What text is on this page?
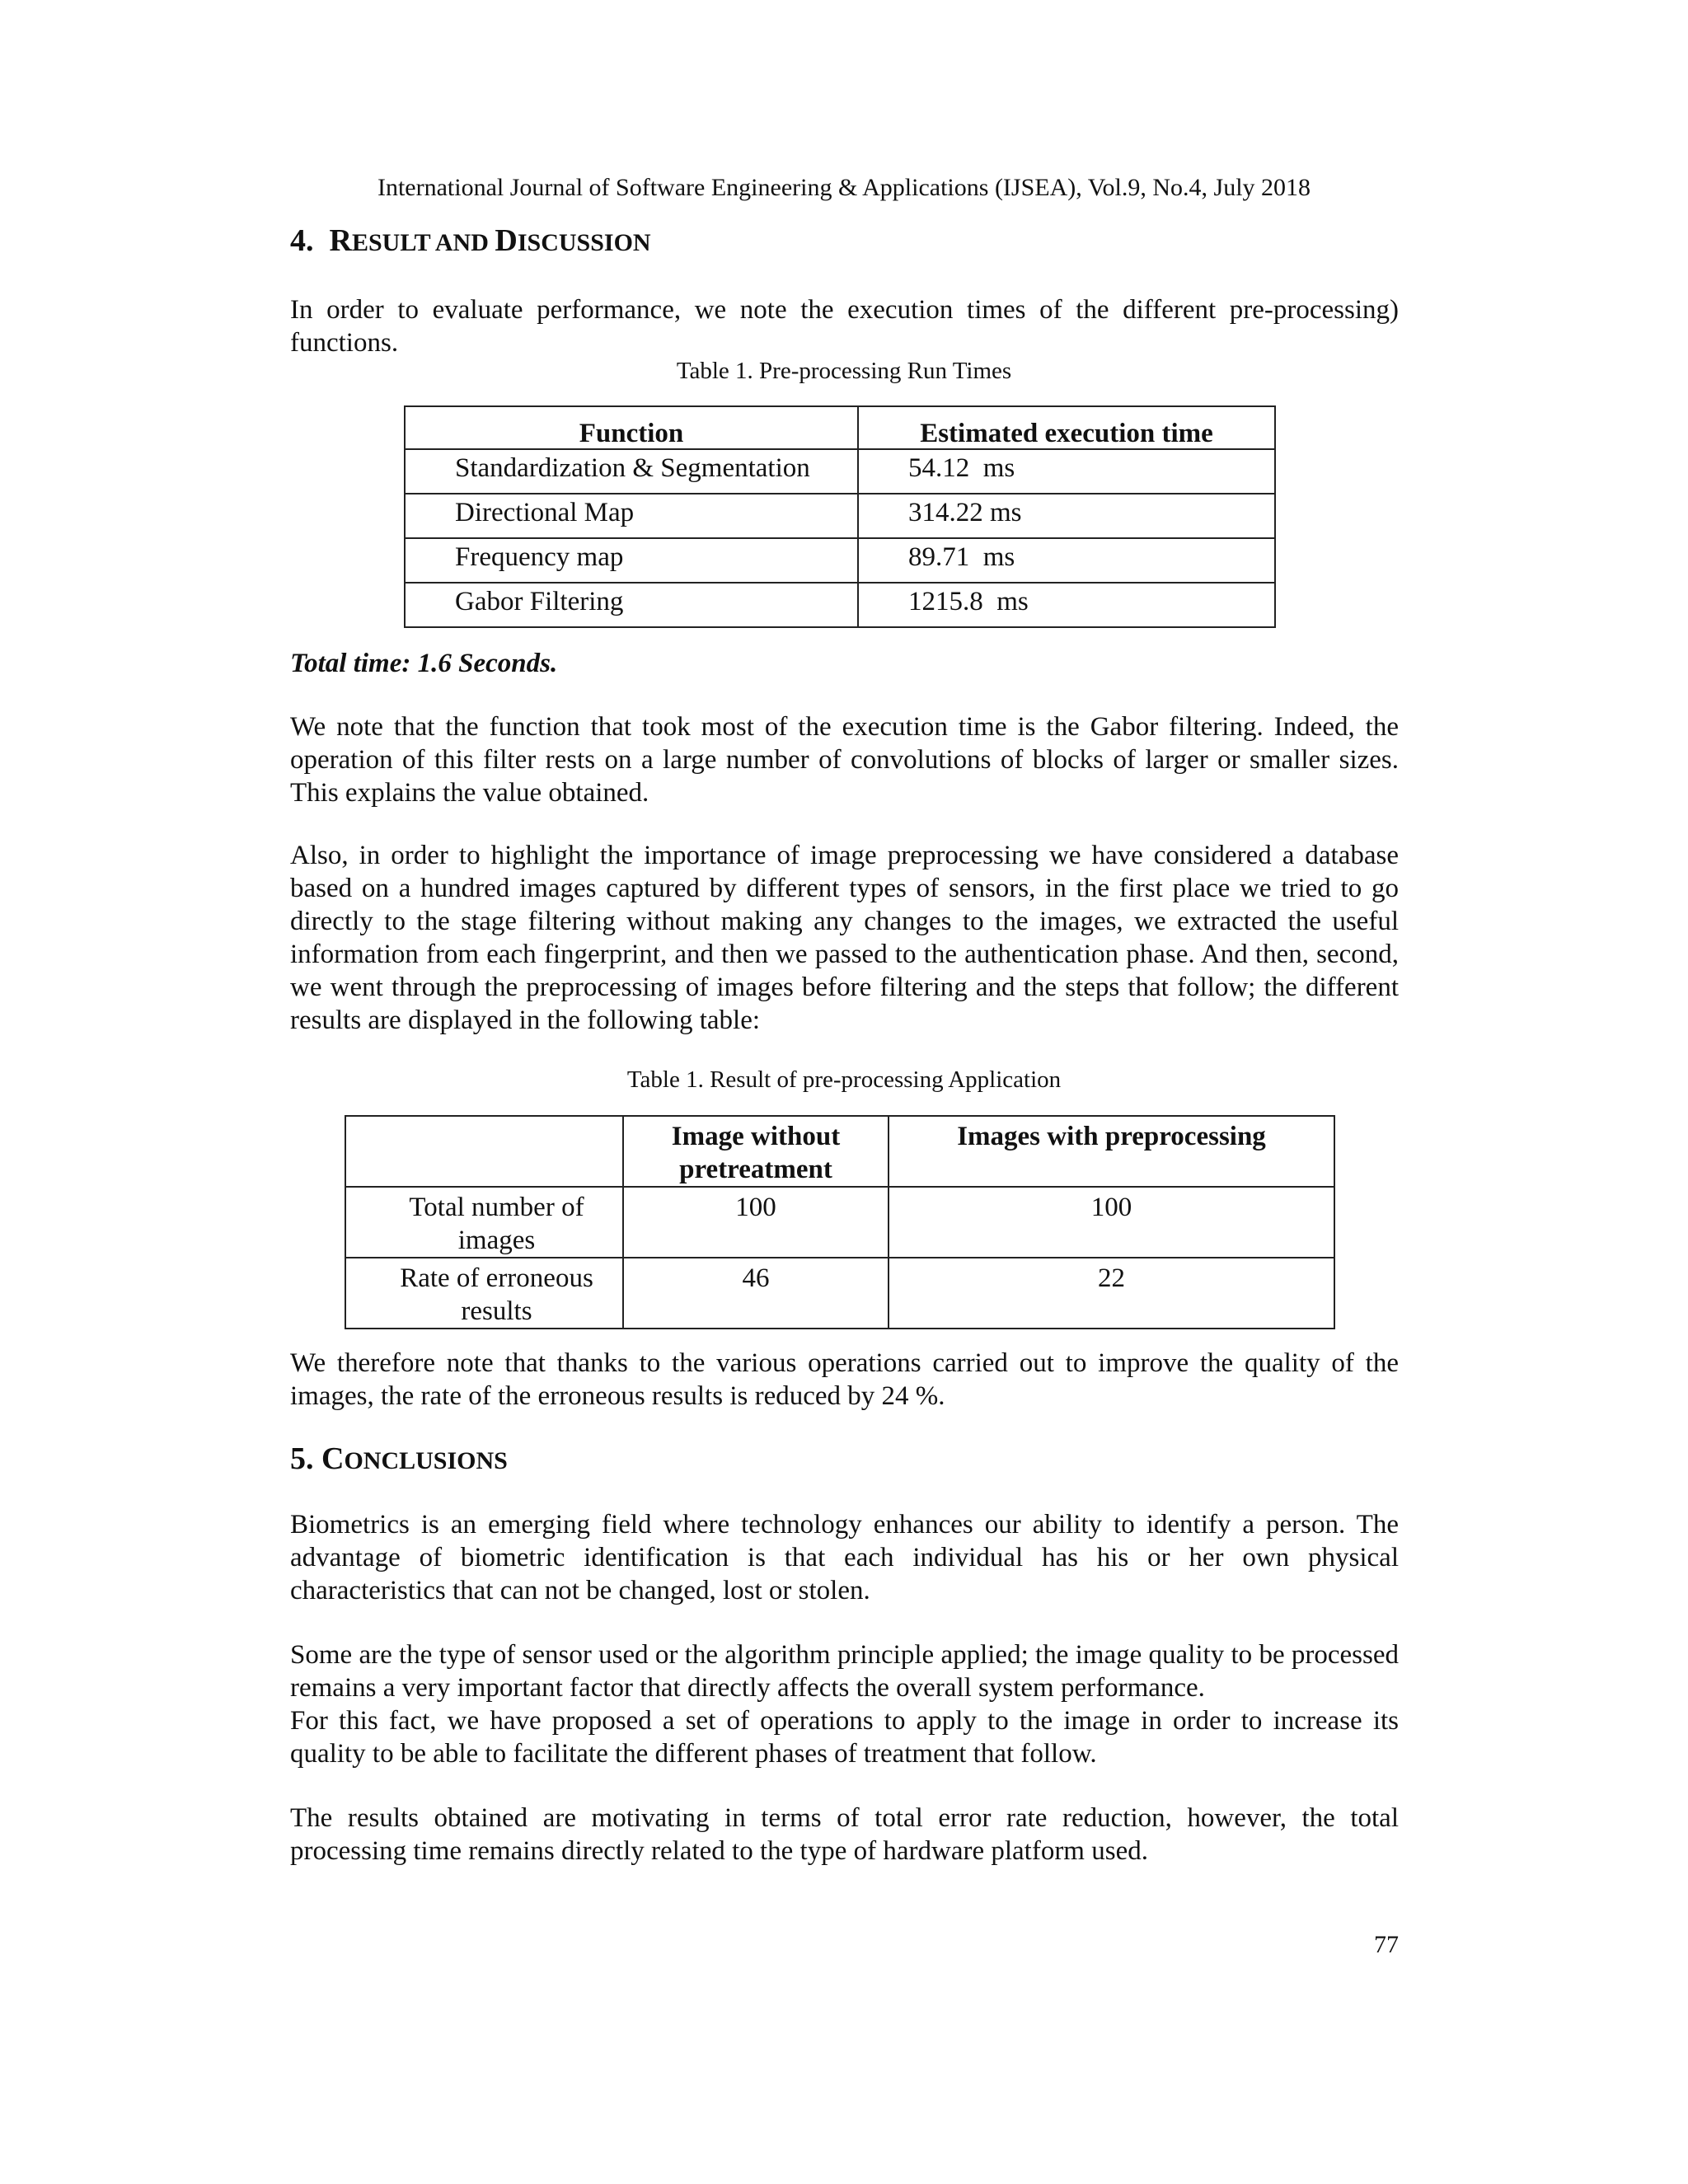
International Journal of Software Engineering & Applications (IJSEA), Vol.9, No.4, July 2018
4. RESULT AND DISCUSSION

In order to evaluate performance, we note the execution times of the different pre-processing) functions.

Table 1. Pre-processing Run Times
Function	Estimated execution time
Standardization & Segmentation	54.12  ms
Directional Map	314.22 ms
Frequency map	89.71  ms
Gabor Filtering	1215.8  ms
Total time: 1.6 Seconds.

We note that the function that took most of the execution time is the Gabor filtering. Indeed, the operation of this filter rests on a large number of convolutions of blocks of larger or smaller sizes. This explains the value obtained.

Also, in order to highlight the importance of image preprocessing we have considered a database based on a hundred images captured by different types of sensors, in the first place we tried to go directly to the stage filtering without making any changes to the images, we extracted the useful information from each fingerprint, and then we passed to the authentication phase. And then, second, we went through the preprocessing of images before filtering and the steps that follow; the different results are displayed in the following table:

Table 1. Result of pre-processing Application
	Image without pretreatment	Images with preprocessing
Total number of images	100	100
Rate of erroneous results	46	22

We therefore note that thanks to the various operations carried out to improve the quality of the images, the rate of the erroneous results is reduced by 24 %.

5. CONCLUSIONS

Biometrics is an emerging field where technology enhances our ability to identify a person. The advantage of biometric identification is that each individual has his or her own physical characteristics that can not be changed, lost or stolen.

Some are the type of sensor used or the algorithm principle applied; the image quality to be processed remains a very important factor that directly affects the overall system performance.

For this fact, we have proposed a set of operations to apply to the image in order to increase its quality to be able to facilitate the different phases of treatment that follow.

The results obtained are motivating in terms of total error rate reduction, however, the total processing time remains directly related to the type of hardware platform used.

77
